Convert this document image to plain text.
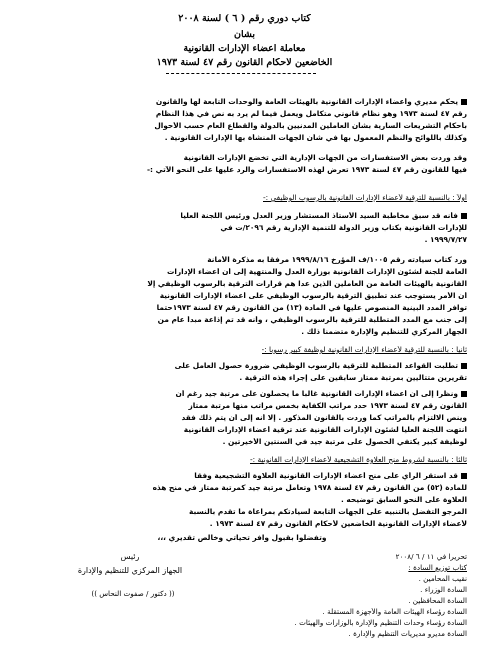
كتاب دوري رقم ( ٦ ) لسنة ٢٠٠٨
بشأن
معاملة أعضاء الإدارات القانونية
الخاضعين لأحكام القانون رقم ٤٧ لسنة ١٩٧٣
يحكم مديري وأعضاء الإدارات القانونية بالهيئات العامة والوحدات التابعة لها والقانون
رقم ٤٧ لسنة ١٩٧٣ وهو نظام قانوني متكامل ويعمل فيما لم يرد به نص في هذا النظام
بأحكام التشريعات السارية بشأن العاملين المدنيين بالدولة والقطاع العام حسب الأحوال
وكذلك باللوائح والنظم المعمول بها في شأن الجهات المنشأة بها الإدارات القانونية .
وقد وردت بعض الاستفسارات من الجهات الإدارية التي تخضع الإدارات القانونية
فيها للقانون رقم ٤٧ لسنة ١٩٧٣ تعرض لهذه الاستفسارات والرد عليها على النحو الآتي :-
أولاً : بالنسبة للترقية لأعضاء الإدارات القانونية بالرسوب الوظيفي :-
فأنه قد سبق مخاطبة السيد الأستاذ المستشار وزير العدل ورئيس اللجنة العليا
للإدارات القانونية بكتاب وزير الدولة للتنمية الإدارية رقم ٢٠٩٦/ت في
١٩٩٩/٧/٢٧ .
ورد كتاب سيادته رقم ١٠٠٥/ف المؤرخ ١٩٩٩/٨/١٦ مرفقا به مذكرة الأمانة
العامة للجنة لشئون الإدارات القانونية بوزارة العدل والمنتهية إلى أن أعضاء الإدارات
القانونية بالهيئات العامة من العاملين الذين عدا هم قرارات الترقية بالرسوب الوظيفي إلا
أن الأمر يستوجب عند تطبيق الترقية بالرسوب الوظيفي على أعضاء الإدارات القانونية
توافر المدد البينية المنصوص عليها في المادة (١٣) من القانون رقم ٤٧ لسنة ١٩٧٣حتما
إلى جنب مع المدد المتطلبة للترقية بالرسوب الوظيفي ، وأنه قد تم إذاعة مبدأ عام من
الجهاز المركزي للتنظيم والإدارة متضمنا ذلك .
ثانياً : بالنسبة للترقية لأعضاء الإدارات القانونية لوظيفة كبير رسوبا :-
تطلبت القواعد المتطلبة للترقية بالرسوب الوظيفي ضرورة حصول العامل على
تقريرين متتاليين بمرتبة ممتاز سابقين على إجراء هذه الترقية .
ونظرا إلى أن أعضاء الإدارات القانونية غالبا ما يحصلون على مرتبة جيد رغم أن
القانون رقم ٤٧ لسنة ١٩٧٣ حدد مراتب الكفاية بخمس مراتب منها مرتبة ممتاز
وينص الالتزام بالمراتب كما وردت بالقانون المذكور . إلا أنه إلى أن يتم ذلك فقد
أنتهت اللجنة العليا لشئون الإدارات القانونية عند ترقية أعضاء الإدارات القانونية
لوظيفة كبير يكتفي الحصول على مرتبة جيد في السنتين الأخيرتين .
ثالثاً : بالنسبة لشروط منح العلاوة التشجيعية لأعضاء الإدارات القانونية :-
قد استقر الرأي على منح أعضاء الإدارات القانونية العلاوة التشجيعية وفقا
للمادة (٥٢) من القانون رقم ٤٧ لسنة ١٩٧٨ وتعامل مرتبة جيد كمرتبة ممتاز في منح هذه
العلاوة على النحو السابق توضيحه .
المرجو التفضل بالتنبيه على الجهات التابعة لسيادتكم بمراعاة ما تقدم بالنسبة
لأعضاء الإدارات القانونية الخاضعين لأحكام القانون رقم ٤٧ لسنة ١٩٧٣ .
وتفضلوا بقبول وافر تحياتي وخالص تقديري ،،،
تحريرا في ١١ / ٦ /٢٠٠٨
كتاب توزيع السادة :
نقيب المحامين .
السادة الوزراء .
السادة المحافظين .
السادة رؤساء الهيئات العامة والأجهزة المستقلة .
السادة رؤساء وحدات التنظيم والإدارة بالوزارات والهيئات .
السادة مديرو مديريات التنظيم والإدارة .
رئيس
الجهاز المركزي للتنظيم والإدارة
(( دكتور / صفوت النحاس ))
